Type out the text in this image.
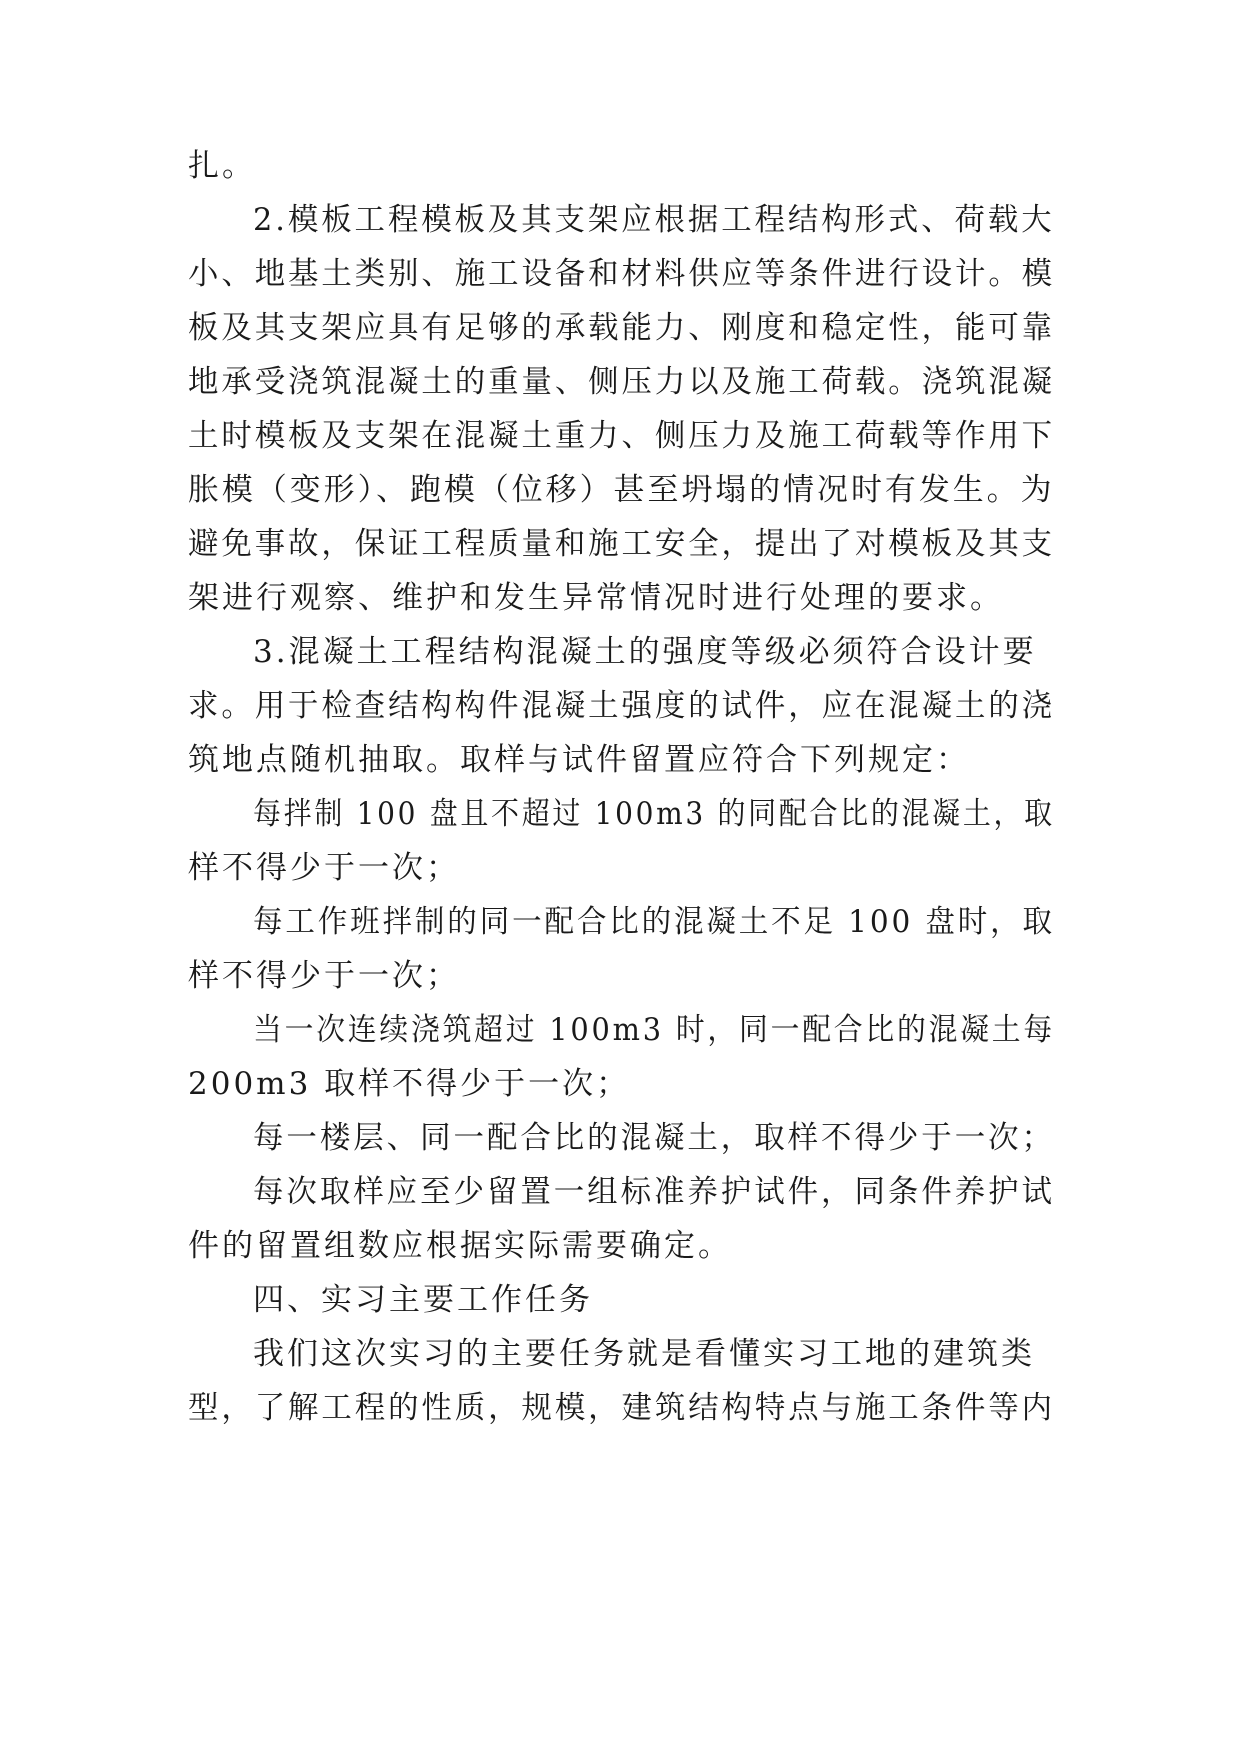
扎。
2.模板工程模板及其支架应根据工程结构形式、荷载大
小、地基土类别、施工设备和材料供应等条件进行设计。模
板及其支架应具有足够的承载能力、刚度和稳定性，能可靠
地承受浇筑混凝土的重量、侧压力以及施工荷载。浇筑混凝
土时模板及支架在混凝土重力、侧压力及施工荷载等作用下
胀模（变形）、跑模（位移）甚至坍塌的情况时有发生。为
避免事故，保证工程质量和施工安全，提出了对模板及其支
架进行观察、维护和发生异常情况时进行处理的要求。
3.混凝土工程结构混凝土的强度等级必须符合设计要
求。用于检查结构构件混凝土强度的试件，应在混凝土的浇
筑地点随机抽取。取样与试件留置应符合下列规定：
每拌制 100 盘且不超过 100m3 的同配合比的混凝土，取
样不得少于一次；
每工作班拌制的同一配合比的混凝土不足 100 盘时，取
样不得少于一次；
当一次连续浇筑超过 100m3 时，同一配合比的混凝土每
200m3 取样不得少于一次；
每一楼层、同一配合比的混凝土，取样不得少于一次；
每次取样应至少留置一组标准养护试件，同条件养护试
件的留置组数应根据实际需要确定。
四、实习主要工作任务
我们这次实习的主要任务就是看懂实习工地的建筑类
型，了解工程的性质，规模，建筑结构特点与施工条件等内
